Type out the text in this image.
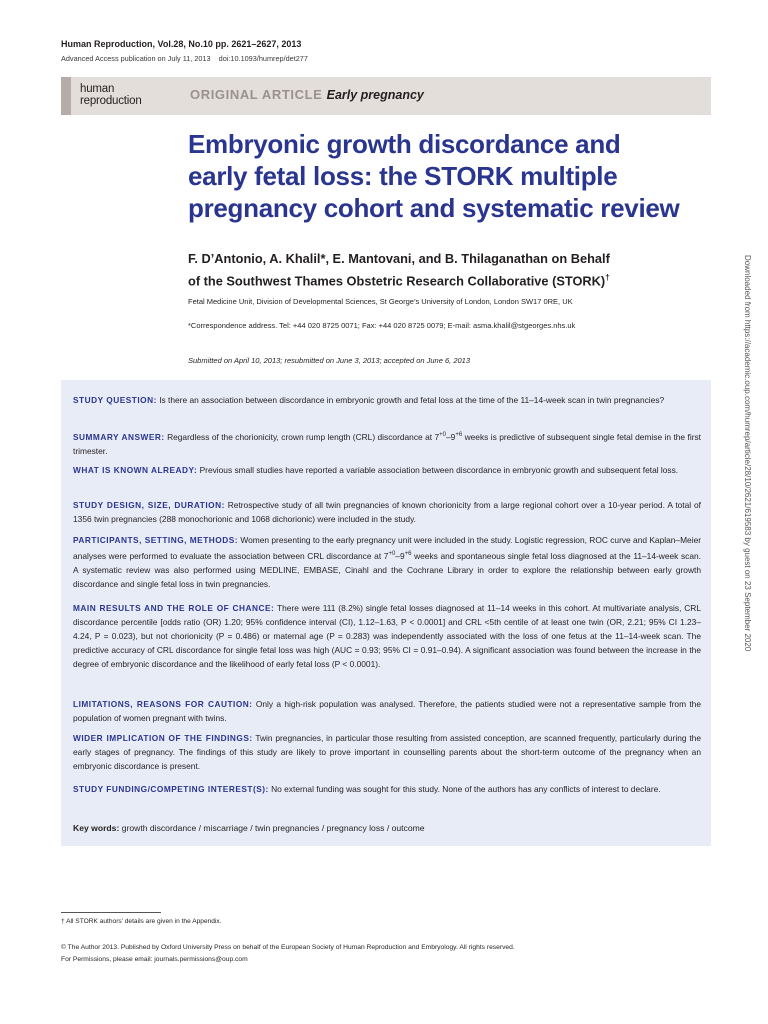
Human Reproduction, Vol.28, No.10 pp. 2621–2627, 2013
Advanced Access publication on July 11, 2013    doi:10.1093/humrep/det277
human
reproduction	ORIGINAL ARTICLE Early pregnancy
Embryonic growth discordance and
early fetal loss: the STORK multiple
pregnancy cohort and systematic review
F. D’Antonio, A. Khalil*, E. Mantovani, and B. Thilaganathan on Behalf
of the Southwest Thames Obstetric Research Collaborative (STORK)†
Fetal Medicine Unit, Division of Developmental Sciences, St George’s University of London, London SW17 0RE, UK
*Correspondence address. Tel: +44 020 8725 0071; Fax: +44 020 8725 0079; E-mail: asma.khalil@stgeorges.nhs.uk
Submitted on April 10, 2013; resubmitted on June 3, 2013; accepted on June 6, 2013
STUDY QUESTION: Is there an association between discordance in embryonic growth and fetal loss at the time of the 11–14-week scan in twin pregnancies?
SUMMARY ANSWER: Regardless of the chorionicity, crown rump length (CRL) discordance at $7^{+0}-9^{+6}$ weeks is predictive of subsequent single fetal demise in the first trimester.
WHAT IS KNOWN ALREADY: Previous small studies have reported a variable association between discordance in embryonic growth and subsequent fetal loss.
STUDY DESIGN, SIZE, DURATION: Retrospective study of all twin pregnancies of known chorionicity from a large regional cohort over a 10-year period. A total of 1356 twin pregnancies (288 monochorionic and 1068 dichorionic) were included in the study.
PARTICIPANTS, SETTING, METHODS: Women presenting to the early pregnancy unit were included in the study. Logistic regression, ROC curve and Kaplan–Meier analyses were performed to evaluate the association between CRL discordance at $7^{+0}-9^{+6}$ weeks and spontaneous single fetal loss diagnosed at the 11–14-week scan. A systematic review was also performed using MEDLINE, EMBASE, Cinahl and the Cochrane Library in order to explore the relationship between early growth discordance and single fetal loss in twin pregnancies.
MAIN RESULTS AND THE ROLE OF CHANCE: There were 111 (8.2%) single fetal losses diagnosed at 11–14 weeks in this cohort. At multivariate analysis, CRL discordance percentile [odds ratio (OR) 1.20; 95% confidence interval (CI), 1.12–1.63, P < 0.0001] and CRL <5th centile of at least one twin (OR, 2.21; 95% CI 1.23–4.24, P = 0.023), but not chorionicity (P = 0.486) or maternal age (P = 0.283) was independently associated with the loss of one fetus at the 11–14-week scan. The predictive accuracy of CRL discordance for single fetal loss was high (AUC = 0.93; 95% CI = 0.91–0.94). A significant association was found between the increase in the degree of embryonic discordance and the likelihood of early fetal loss (P < 0.0001).
LIMITATIONS, REASONS FOR CAUTION: Only a high-risk population was analysed. Therefore, the patients studied were not a representative sample from the population of women pregnant with twins.
WIDER IMPLICATION OF THE FINDINGS: Twin pregnancies, in particular those resulting from assisted conception, are scanned frequently, particularly during the early stages of pregnancy. The findings of this study are likely to prove important in counselling parents about the short-term outcome of the pregnancy when an embryonic discordance is present.
STUDY FUNDING/COMPETING INTEREST(S): No external funding was sought for this study. None of the authors has any conflicts of interest to declare.
Key words: growth discordance / miscarriage / twin pregnancies / pregnancy loss / outcome
† All STORK authors’ details are given in the Appendix.
© The Author 2013. Published by Oxford University Press on behalf of the European Society of Human Reproduction and Embryology. All rights reserved.
For Permissions, please email: journals.permissions@oup.com
Downloaded from https://academic.oup.com/humrep/article/28/10/2621/619583 by guest on 23 September 2020
